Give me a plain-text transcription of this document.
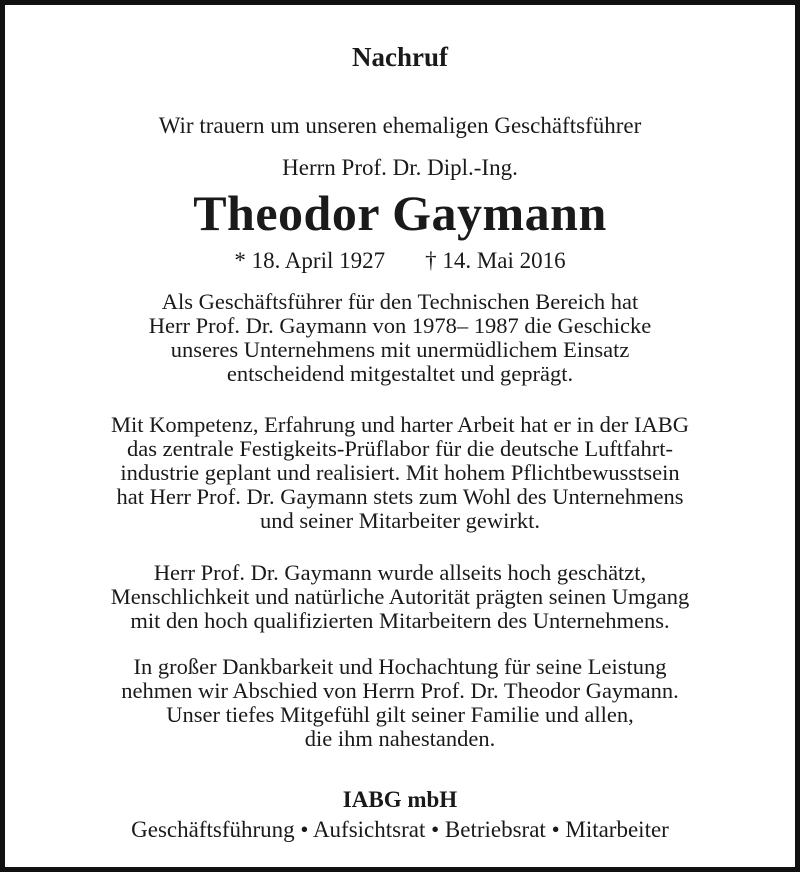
Nachruf
Wir trauern um unseren ehemaligen Geschäftsführer
Herrn Prof. Dr. Dipl.-Ing.
Theodor Gaymann
* 18. April 1927 † 14. Mai 2016
Als Geschäftsführer für den Technischen Bereich hat
Herr Prof. Dr. Gaymann von 1978– 1987 die Geschicke
unseres Unternehmens mit unermüdlichem Einsatz
entscheidend mitgestaltet und geprägt.
Mit Kompetenz, Erfahrung und harter Arbeit hat er in der IABG
das zentrale Festigkeits-Prüflabor für die deutsche Luftfahrt-
industrie geplant und realisiert. Mit hohem Pflichtbewusstsein
hat Herr Prof. Dr. Gaymann stets zum Wohl des Unternehmens
und seiner Mitarbeiter gewirkt.
Herr Prof. Dr. Gaymann wurde allseits hoch geschätzt,
Menschlichkeit und natürliche Autorität prägten seinen Umgang
mit den hoch qualifizierten Mitarbeitern des Unternehmens.
In großer Dankbarkeit und Hochachtung für seine Leistung
nehmen wir Abschied von Herrn Prof. Dr. Theodor Gaymann.
Unser tiefes Mitgefühl gilt seiner Familie und allen,
die ihm nahestanden.
IABG mbH
Geschäftsführung • Aufsichtsrat • Betriebsrat • Mitarbeiter
